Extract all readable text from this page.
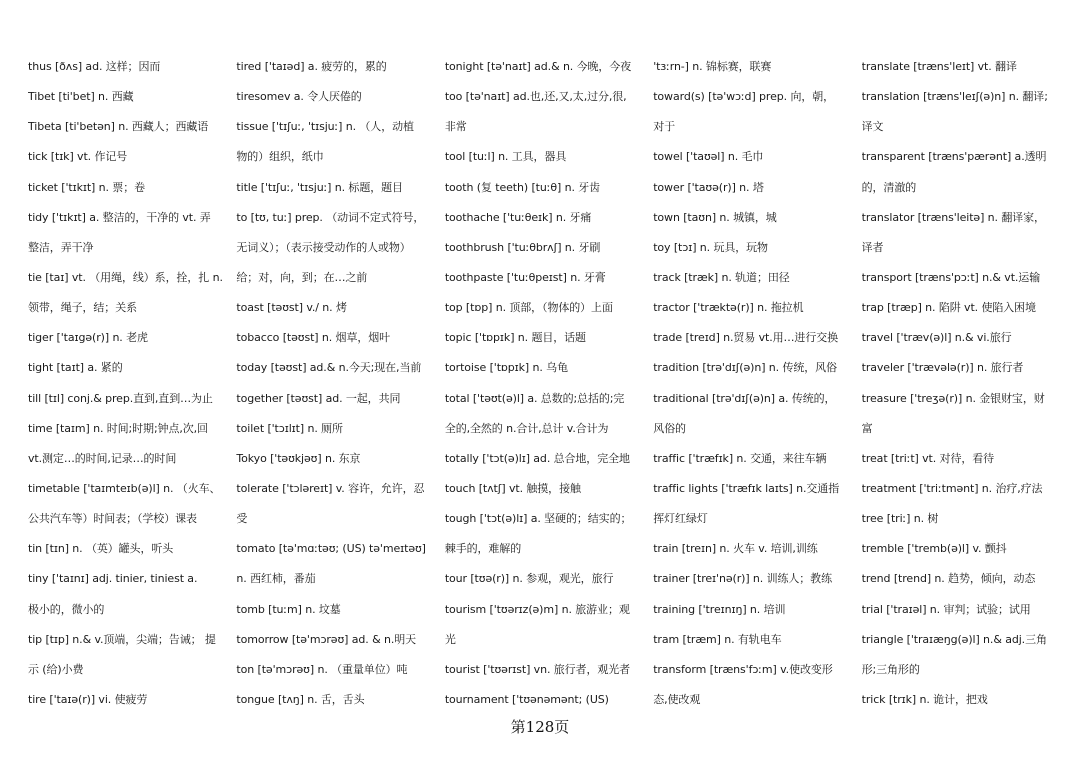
thus [ðʌs] ad. 这样；因而
Tibet [ti'bet] n. 西藏
Tibeta [ti'betən] n. 西藏人；西藏语
tick [tɪk] vt. 作记号
ticket ['tɪkɪt] n. 票；卷
tidy ['tɪkɪt] a. 整洁的，干净的 vt. 弄
整洁，弄干净
tie [taɪ] vt. （用绳，线）系，拴，扎 n.
领带，绳子，结；关系
tiger ['taɪgə(r)] n. 老虎
tight [taɪt] a. 紧的
till [tɪl] conj.& prep.直到,直到…为止
time [taɪm] n. 时间;时期;钟点,次,回
vt.测定…的时间,记录…的时间
timetable ['taɪmteɪb(ə)l] n. （火车、
公共汽车等）时间表；（学校）课表
tin [tɪn] n. （英）罐头，听头
tiny ['taɪnɪ] adj. tinier, tiniest a.
极小的，微小的
tip [tɪp] n.& v.顶端，尖端；告诫； 提
示 (给)小费
tire ['taɪə(r)] vi. 使疲劳
tired ['taɪəd] a. 疲劳的，累的
tiresomev a. 令人厌倦的
tissue ['tɪʃuː, 'tɪsjuː] n. （人，动植
物的）组织，纸巾
title ['tɪʃuː, 'tɪsjuː] n. 标题，题目
to [tʊ, tuː] prep. （动词不定式符号，
无词义）；（表示接受动作的人或物）
给；对，向，到；在…之前
toast [təʊst] v./ n. 烤
tobacco [təʊst] n. 烟草，烟叶
today [təʊst] ad.& n.今天;现在,当前
together [təʊst] ad. 一起，共同
toilet ['tɔɪlɪt] n. 厕所
Tokyo ['təʊkjəʊ] n. 东京
tolerate ['tɔləreɪt] v. 容许，允许，忍
受
tomato [tə'mɑːtəʊ; (US) tə'meɪtəʊ]
n. 西红柿，番茄
tomb [tuːm] n. 坟墓
tomorrow [tə'mɔrəʊ] ad. & n.明天
ton [tə'mɔrəʊ] n. （重量单位）吨
tongue [tʌŋ] n. 舌，舌头
tonight [tə'naɪt] ad.& n. 今晚，今夜
too [tə'naɪt] ad.也,还,又,太,过分,很,
非常
tool [tuːl] n. 工具，器具
tooth (复 teeth) [tuːθ] n. 牙齿
toothache ['tuːθeɪk] n. 牙痛
toothbrush ['tuːθbrʌʃ] n. 牙刷
toothpaste ['tuːθpeɪst] n. 牙膏
top [tɒp] n. 顶部，（物体的）上面
topic ['tɒpɪk] n. 题目，话题
tortoise ['tɒpɪk] n. 乌龟
total ['təʊt(ə)l] a. 总数的;总括的;完
全的,全然的 n.合计,总计 v.合计为
totally ['tɔt(ə)lɪ] ad. 总合地，完全地
touch [tʌtʃ] vt. 触摸，接触
tough ['tɔt(ə)lɪ] a. 坚硬的；结实的；
棘手的，难解的
tour [tʊə(r)] n. 参观，观光，旅行
tourism ['tʊərɪz(ə)m] n. 旅游业；观
光
tourist ['tʊərɪst] vn. 旅行者，观光者
tournament ['tʊənəmənt; (US)
'tɜːrn-] n. 锦标赛，联赛
toward(s) [tə'wɔːd] prep. 向，朝，
对于
towel ['taʊəl] n. 毛巾
tower ['taʊə(r)] n. 塔
town [taʊn] n. 城镇，城
toy [tɔɪ] n. 玩具，玩物
track [træk] n. 轨道；田径
tractor ['træktə(r)] n. 拖拉机
trade [treɪd] n.贸易 vt.用…进行交换
tradition [trə'dɪʃ(ə)n] n. 传统，风俗
traditional [trə'dɪʃ(ə)n] a. 传统的，
风俗的
traffic ['træfɪk] n. 交通，来往车辆
traffic lights ['træfɪk laɪts] n.交通指
挥灯红绿灯
train [treɪn] n. 火车 v. 培训,训练
trainer [treɪ'nə(r)] n. 训练人；教练
training ['treɪnɪŋ] n. 培训
tram [træm] n. 有轨电车
transform [træns'fɔːm] v.使改变形
态,使改观
translate [træns'leɪt] vt. 翻译
translation [træns'leɪʃ(ə)n] n. 翻译;
译文
transparent [træns'pærənt] a.透明
的，清澈的
translator [træns'leitə] n. 翻译家，
译者
transport [træns'pɔːt] n.& vt.运输
trap [træp] n. 陷阱 vt. 使陷入困境
travel ['træv(ə)l] n.& vi.旅行
traveler ['trævələ(r)] n. 旅行者
treasure ['treʒə(r)] n. 金银财宝，财
富
treat [triːt] vt. 对待，看待
treatment ['triːtmənt] n. 治疗,疗法
tree [triː] n. 树
tremble ['tremb(ə)l] v. 颤抖
trend [trend] n. 趋势，倾向，动态
trial ['traɪəl] n. 审判；试验；试用
triangle ['traɪæŋg(ə)l] n.& adj.三角
形;三角形的
trick [trɪk] n. 诡计，把戏
第128页
